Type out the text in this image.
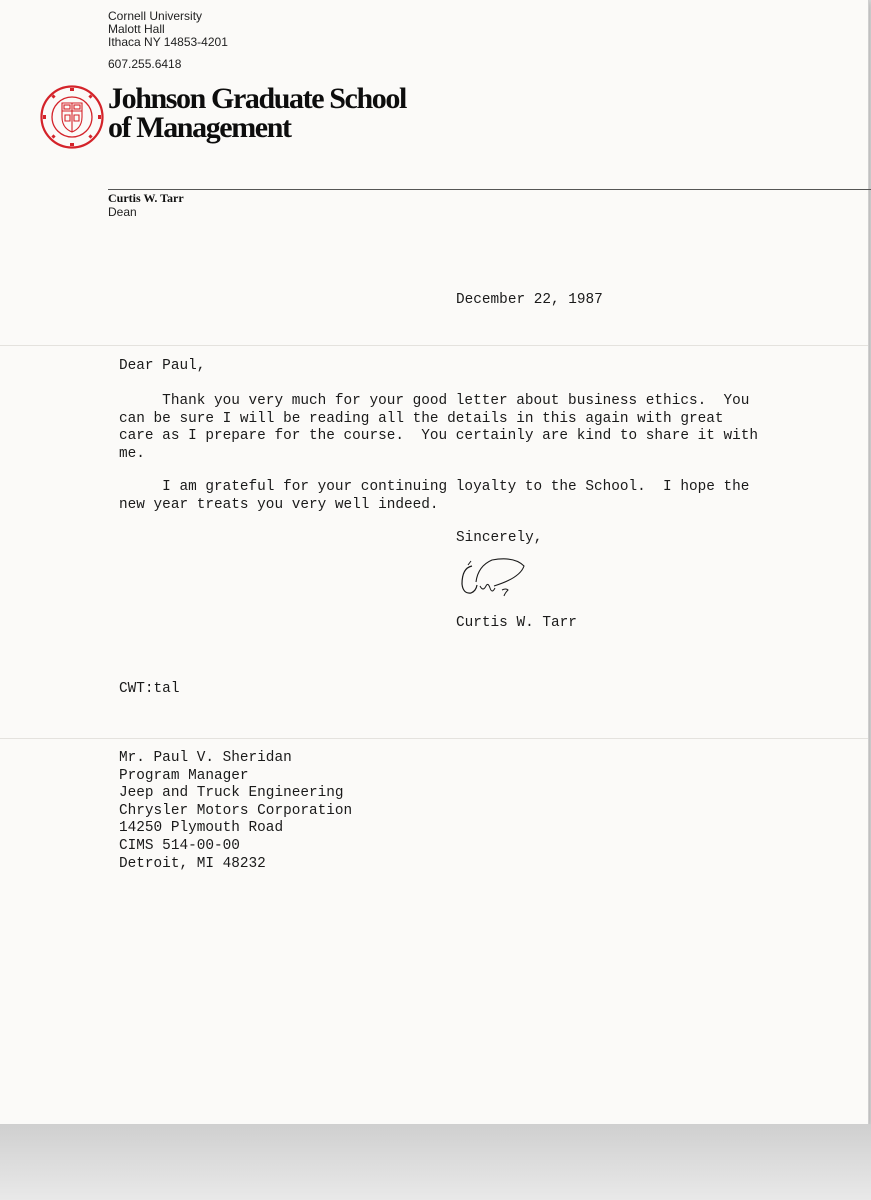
Cornell University
Malott Hall
Ithaca NY 14853-4201
607.255.6418
Johnson Graduate School
of Management
Curtis W. Tarr
Dean
December 22, 1987
Dear Paul,
Thank you very much for your good letter about business ethics.  You
can be sure I will be reading all the details in this again with great
care as I prepare for the course.  You certainly are kind to share it with
me.
I am grateful for your continuing loyalty to the School.  I hope the
new year treats you very well indeed.
Sincerely,
Curtis W. Tarr
CWT:tal
Mr. Paul V. Sheridan
Program Manager
Jeep and Truck Engineering
Chrysler Motors Corporation
14250 Plymouth Road
CIMS 514-00-00
Detroit, MI 48232
